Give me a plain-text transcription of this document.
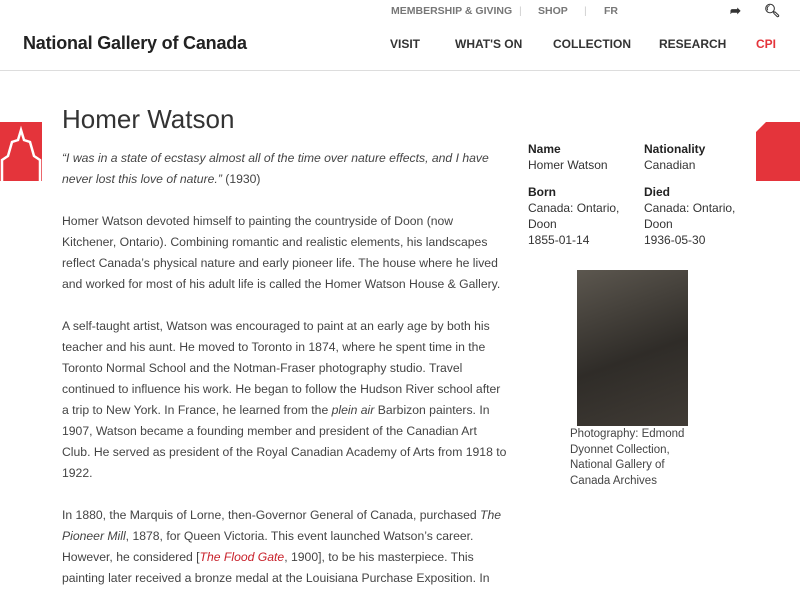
MEMBERSHIP & GIVING | SHOP | FR	➦ 🔍︎
National Gallery of Canada	VISIT	WHAT'S ON	COLLECTION RESEARCH CPI
Homer Watson

“I was in a state of ecstasy almost all of the time over nature effects, and I have never lost this love of nature.” (1930)

Homer Watson devoted himself to painting the countryside of Doon (now Kitchener, Ontario). Combining romantic and realistic elements, his landscapes reflect Canada’s physical nature and early pioneer life. The house where he lived and worked for most of his adult life is called the Homer Watson House & Gallery.

A self-taught artist, Watson was encouraged to paint at an early age by both his teacher and his aunt. He moved to Toronto in 1874, where he spent time in the Toronto Normal School and the Notman-Fraser photography studio. Travel continued to influence his work. He began to follow the Hudson River school after a trip to New York. In France, he learned from the plein air Barbizon painters. In 1907, Watson became a founding member and president of the Canadian Art Club. He served as president of the Royal Canadian Academy of Arts from 1918 to 1922.

In 1880, the Marquis of Lorne, then-Governor General of Canada, purchased The Pioneer Mill, 1878, for Queen Victoria. This event launched Watson’s career. However, he considered [The Flood Gate, 1900], to be his masterpiece. This painting later received a bronze medal at the Louisiana Purchase Exposition. In

Name
Homer Watson
Nationality
Canadian
Born
Canada: Ontario, Doon
1855-01-14
Died
Canada: Ontario, Doon
1936-05-30
Photography: Edmond Dyonnet Collection, National Gallery of Canada Archives
